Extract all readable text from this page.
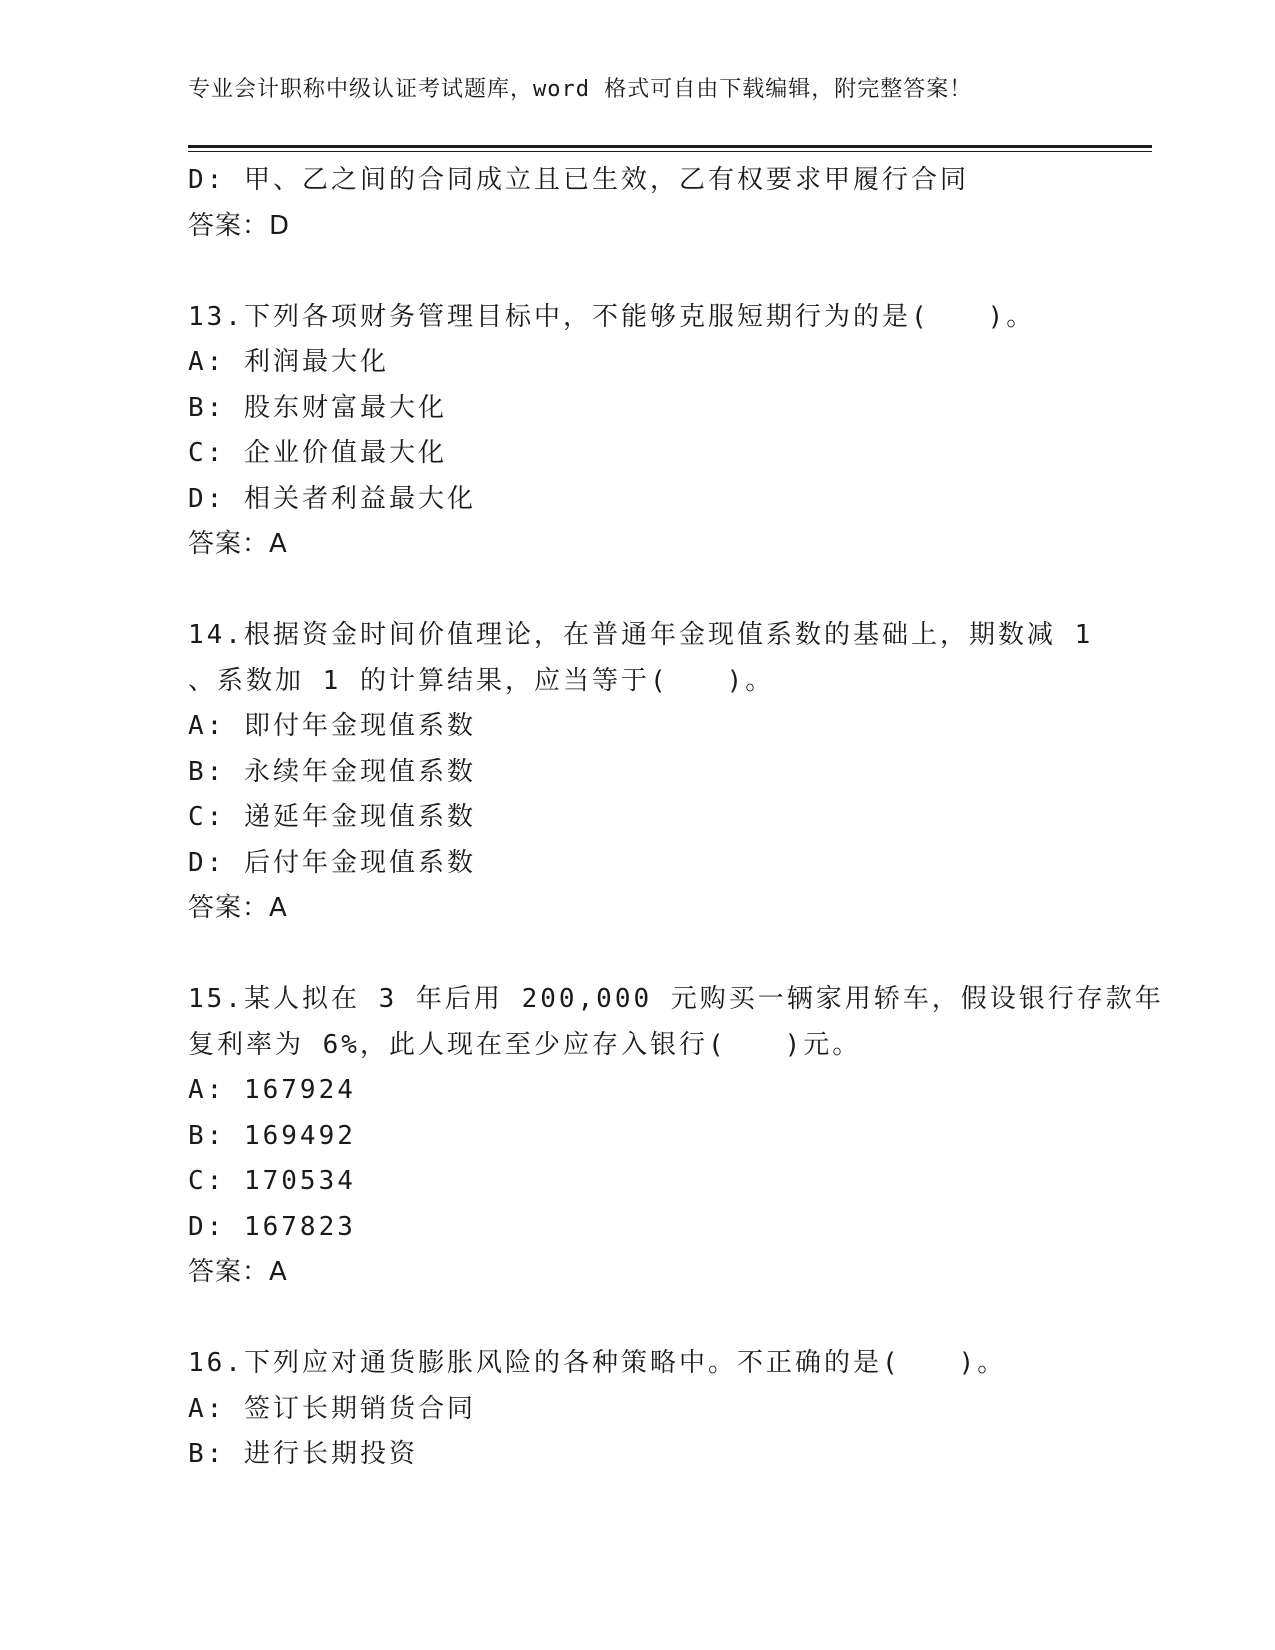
专业会计职称中级认证考试题库，word 格式可自由下载编辑，附完整答案！
D: 甲、乙之间的合同成立且已生效，乙有权要求甲履行合同
答案：D
13.下列各项财务管理目标中，不能够克服短期行为的是(　　)。
A: 利润最大化
B: 股东财富最大化
C: 企业价值最大化
D: 相关者利益最大化
答案：A
14.根据资金时间价值理论，在普通年金现值系数的基础上，期数减 1
、系数加 1 的计算结果，应当等于(　　)。
A: 即付年金现值系数
B: 永续年金现值系数
C: 递延年金现值系数
D: 后付年金现值系数
答案：A
15.某人拟在 3 年后用 200,000 元购买一辆家用轿车，假设银行存款年
复利率为 6%，此人现在至少应存入银行(　　)元。
A: 167924
B: 169492
C: 170534
D: 167823
答案：A
16.下列应对通货膨胀风险的各种策略中。不正确的是(　　)。
A: 签订长期销货合同
B: 进行长期投资
